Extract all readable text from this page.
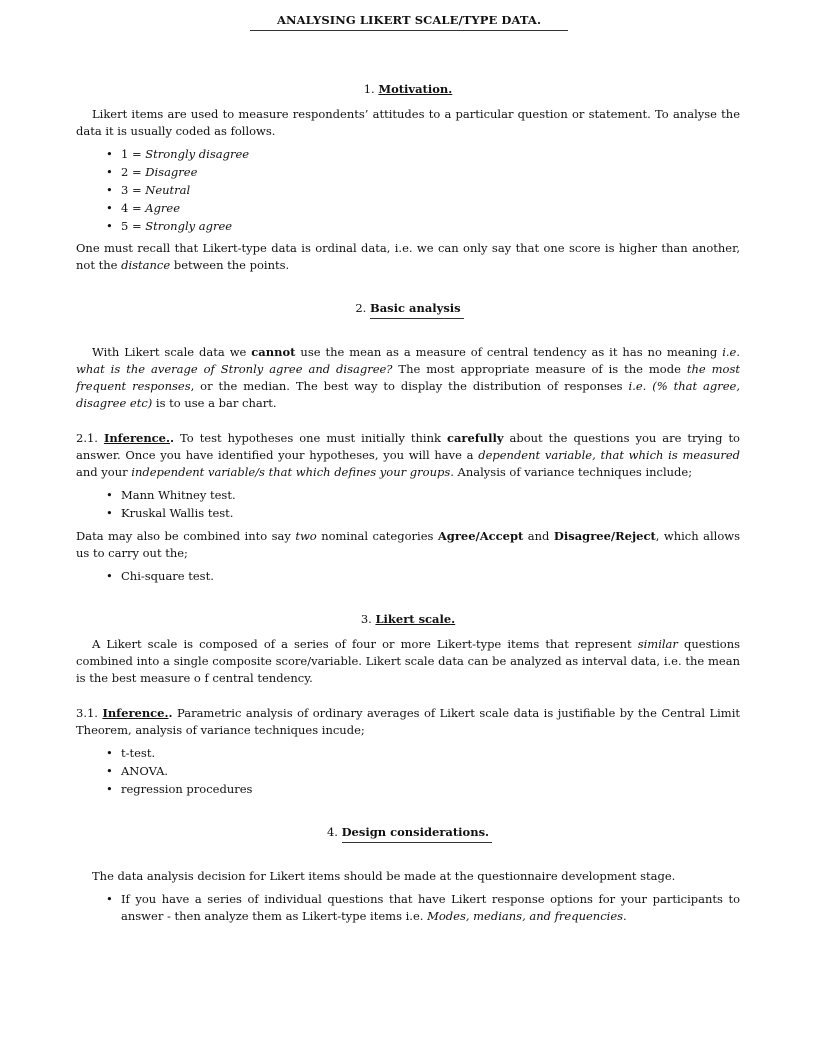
ANALYSING LIKERT SCALE/TYPE DATA.
1. Motivation.
Likert items are used to measure respondents’ attitudes to a particular question or statement. To analyse the data it is usually coded as follows.
• 1 = Strongly disagree
• 2 = Disagree
• 3 = Neutral
• 4 = Agree
• 5 = Strongly agree
One must recall that Likert-type data is ordinal data, i.e. we can only say that one score is higher than another, not the distance between the points.
2. Basic analysis
With Likert scale data we cannot use the mean as a measure of central tendency as it has no meaning i.e. what is the average of Stronly agree and disagree? The most appropriate measure of is the mode the most frequent responses, or the median. The best way to display the distribution of responses i.e. (% that agree, disagree etc) is to use a bar chart.
2.1. Inference.. To test hypotheses one must initially think carefully about the questions you are trying to answer. Once you have identified your hypotheses, you will have a dependent variable, that which is measured and your independent variable/s that which defines your groups. Analysis of variance techniques include;
• Mann Whitney test.
• Kruskal Wallis test.
Data may also be combined into say two nominal categories Agree/Accept and Disagree/Reject, which allows us to carry out the;
• Chi-square test.
3. Likert scale.
A Likert scale is composed of a series of four or more Likert-type items that represent similar questions combined into a single composite score/variable. Likert scale data can be analyzed as interval data, i.e. the mean is the best measure o f central tendency.
3.1. Inference.. Parametric analysis of ordinary averages of Likert scale data is justifiable by the Central Limit Theorem, analysis of variance techniques incude;
• t-test.
• ANOVA.
• regression procedures
4. Design considerations.
The data analysis decision for Likert items should be made at the questionnaire development stage.
• If you have a series of individual questions that have Likert response options for your participants to answer - then analyze them as Likert-type items i.e. Modes, medians, and frequencies.
